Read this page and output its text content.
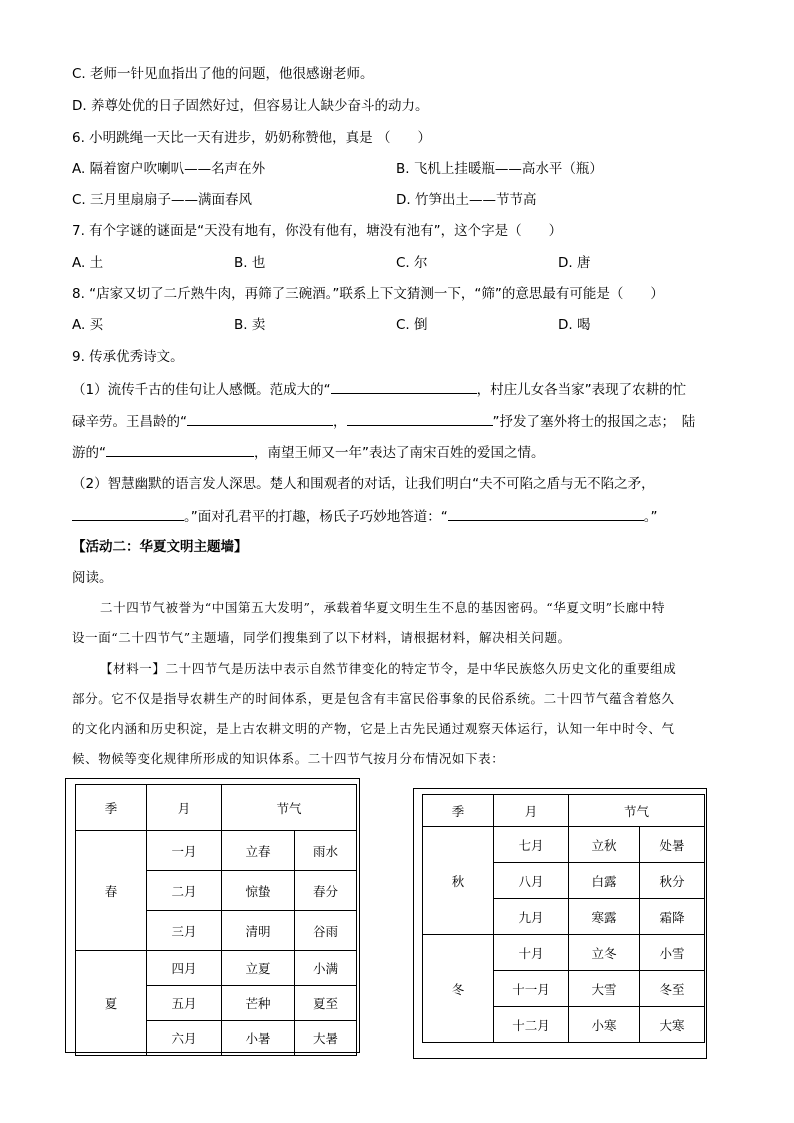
C. 老师一针见血指出了他的问题，他很感谢老师。
D. 养尊处优的日子固然好过，但容易让人缺少奋斗的动力。
6. 小明跳绳一天比一天有进步，奶奶称赞他，真是 （　　）
A. 隔着窗户吹喇叭——名声在外	B. 飞机上挂暖瓶——高水平（瓶）
C. 三月里扇扇子——满面春风	D. 竹笋出土——节节高
7. 有个字谜的谜面是“天没有地有，你没有他有，塘没有池有”，这个字是（　　）
A. 土	B. 也	C. 尔	D. 唐
8. “店家又切了二斤熟牛肉，再筛了三碗酒。”联系上下文猜测一下，“筛”的意思最有可能是（　　）
A. 买	B. 卖	C. 倒	D. 喝
9. 传承优秀诗文。
（1）流传千古的佳句让人感慨。范成大的“	，村庄儿女各当家”表现了农耕的忙
碌辛劳。王昌龄的“	，	”抒发了塞外将士的报国之志；　陆
游的“	，南望王师又一年”表达了南宋百姓的爱国之情。
（2）智慧幽默的语言发人深思。楚人和围观者的对话，让我们明白“夫不可陷之盾与无不陷之矛，
。”面对孔君平的打趣，杨氏子巧妙地答道：“	。”
【活动二：华夏文明主题墙】
阅读。
二十四节气被誉为“中国第五大发明”，承载着华夏文明生生不息的基因密码。“华夏文明”长廊中特
设一面“二十四节气”主题墙，同学们搜集到了以下材料，请根据材料，解决相关问题。
【材料一】二十四节气是历法中表示自然节律变化的特定节令，是中华民族悠久历史文化的重要组成
部分。它不仅是指导农耕生产的时间体系，更是包含有丰富民俗事象的民俗系统。二十四节气蕴含着悠久
的文化内涵和历史积淀，是上古农耕文明的产物，它是上古先民通过观察天体运行，认知一年中时令、气
候、物候等变化规律所形成的知识体系。二十四节气按月分布情况如下表：
季	月	节气	
春	一月	立春	雨水
	二月	惊蛰	春分
	三月	清明	谷雨
夏	四月	立夏	小满
	五月	芒种	夏至
	六月	小暑	大暑
季	月	节气	
秋	七月	立秋	处暑
	八月	白露	秋分
	九月	寒露	霜降
冬	十月	立冬	小雪
	十一月	大雪	冬至
	十二月	小寒	大寒
